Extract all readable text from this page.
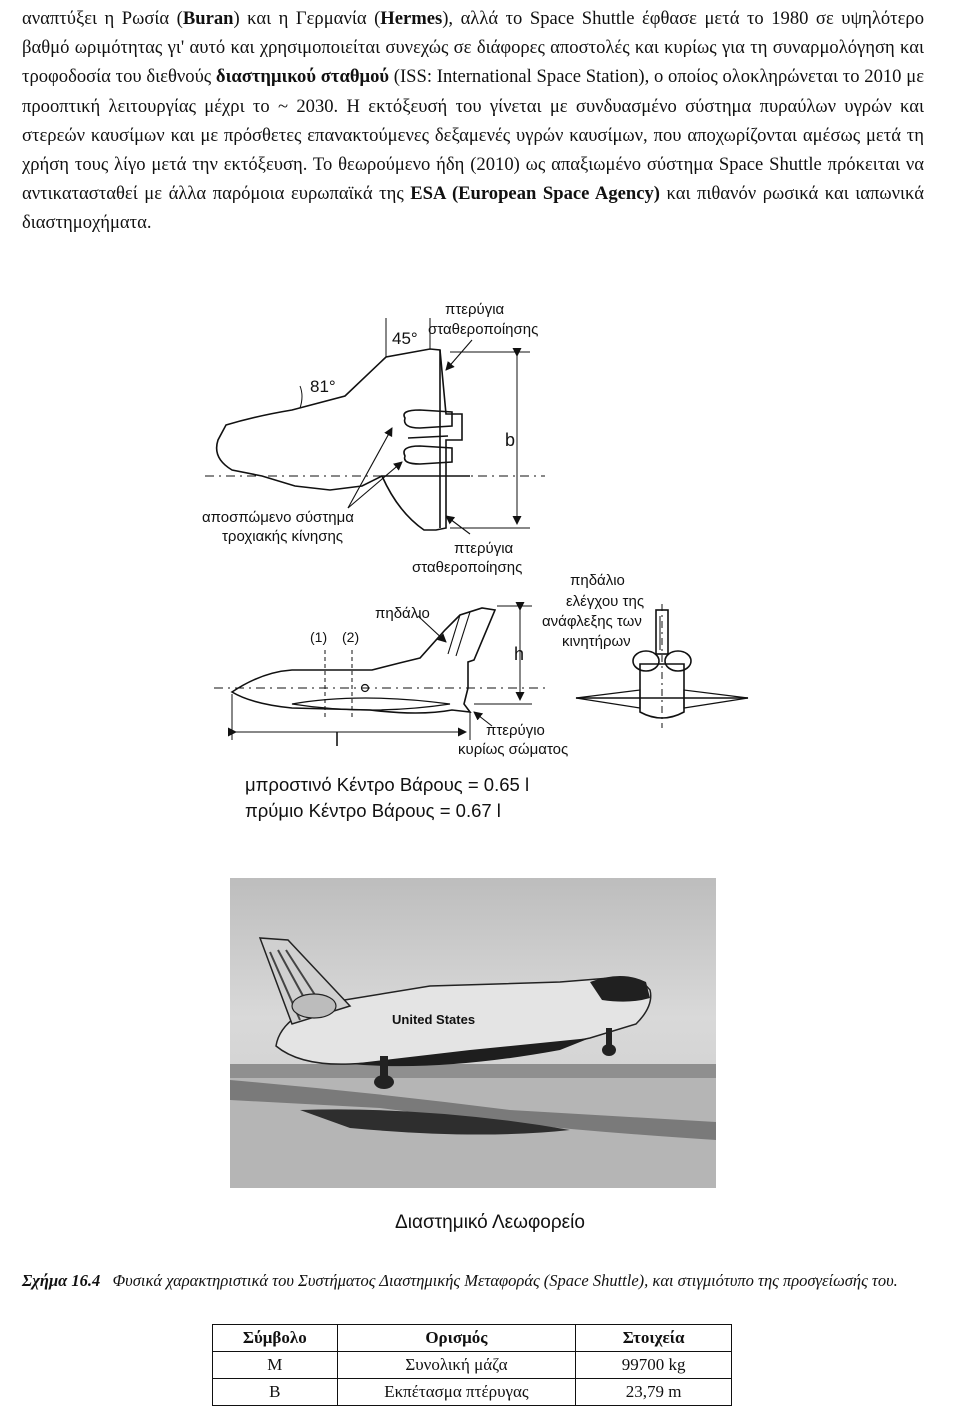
αναπτύξει η Ρωσία (Buran) και η Γερμανία (Hermes), αλλά το Space Shuttle έφθασε μετά το 1980 σε υψηλότερο βαθμό ωριμότητας γι' αυτό και χρησιμοποιείται συνεχώς σε διάφορες αποστολές και κυρίως για τη συναρμολόγηση και τροφοδοσία του διεθνούς διαστημικού σταθμού (ISS: International Space Station), ο οποίος ολοκληρώνεται το 2010 με προοπτική λειτουργίας μέχρι το ~ 2030. Η εκτόξευσή του γίνεται με συνδυασμένο σύστημα πυραύλων υγρών και στερεών καυσίμων και με πρόσθετες επανακτούμενες δεξαμενές υγρών καυσίμων, που αποχωρίζονται αμέσως μετά τη χρήση τους λίγο μετά την εκτόξευση. Το θεωρούμενο ήδη (2010) ως απαξιωμένο σύστημα Space Shuttle πρόκειται να αντικατασταθεί με άλλα παρόμοια ευρωπαϊκά της ESA (European Space Agency) και πιθανόν ρωσικά και ιαπωνικά διαστημοχήματα.

πτερύγια
σταθεροποίησης
45°
81°
b
αποσπώμενο σύστημα
τροχιακής κίνησης
πτερύγια
σταθεροποίησης
πηδάλιο
(1) (2)
h
l	πτερύγιο
κυρίως σώματος
πηδάλιο
ελέγχου της
ανάφλεξης των
κινητήρων

μπροστινό Κέντρο Βάρους = 0.65 l

πρύμιο Κέντρο Βάρους = 0.67 l

United States

Διαστημικό Λεωφορείο

Σχήμα 16.4 Φυσικά χαρακτηριστικά του Συστήματος Διαστημικής Μεταφοράς (Space Shuttle), και στιγμιότυπο της προσγείωσής του.

Σύμβολο	Ορισμός	Στοιχεία
M	Συνολική μάζα	99700 kg
B	Εκπέτασμα πτέρυγας	23,79 m
